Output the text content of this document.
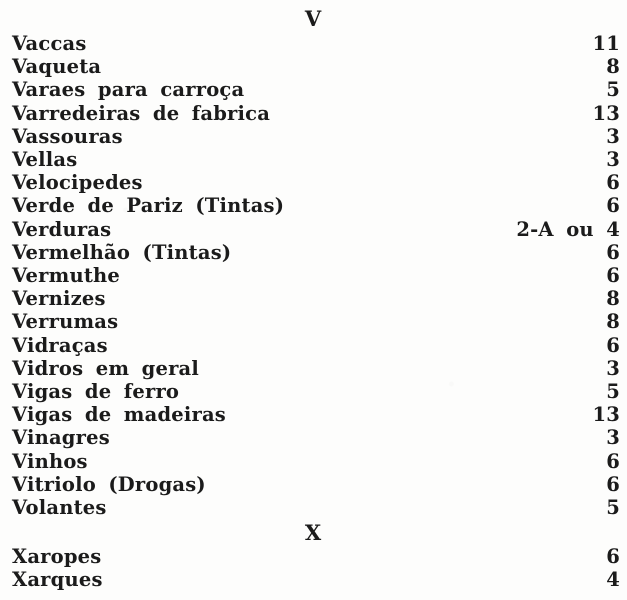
V
Vaccas	11
Vaqueta	8
Varaes para carroça	5
Varredeiras de fabrica	13
Vassouras	3
Vellas	3
Velocipedes	6
Verde de Pariz (Tintas)	6
Verduras	2-A ou 4
Vermelhão (Tintas)	6
Vermuthe	6
Vernizes	8
Verrumas	8
Vidraças	6
Vidros em geral	3
Vigas de ferro	5
Vigas de madeiras	13
Vinagres	3
Vinhos	6
Vitriolo (Drogas)	6
Volantes	5
X
Xaropes	6
Xarques	4
